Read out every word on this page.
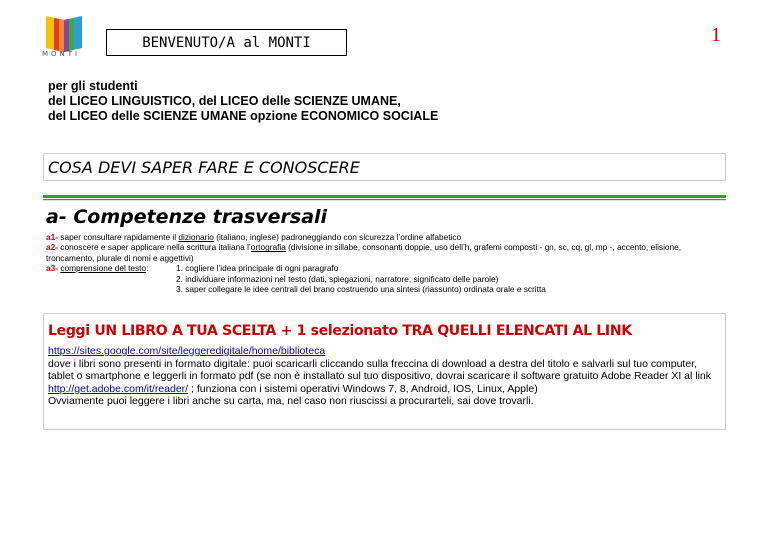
MONTI
BENVENUTO/A al MONTI	1
per gli studenti
del LICEO LINGUISTICO, del LICEO delle SCIENZE UMANE,
del LICEO delle SCIENZE UMANE opzione ECONOMICO SOCIALE
COSA DEVI SAPER FARE E CONOSCERE
a- Competenze trasversali
a1- saper consultare rapidamente il dizionario (italiano, inglese) padroneggiando con sicurezza l’ordine alfabetico
a2- conoscere e saper applicare nella scrittura italiana l’ortografia (divisione in sillabe, consonanti doppie, uso dell’h, grafemi composti - gn, sc, cq, gl, mp -, accento, elisione, troncamento, plurale di nomi e aggettivi)
a3- comprensione del testo:	1. cogliere l’idea principale di ogni paragrafo
2. individuare informazioni nel testo (dati, spiegazioni, narratore, significato delle parole)
3. saper collegare le idee centrali del brano costruendo una sintesi (riassunto) ordinata orale e scritta
Leggi UN LIBRO A TUA SCELTA + 1 selezionato TRA QUELLI ELENCATI AL LINK
https://sites.google.com/site/leggeredigitale/home/biblioteca
dove i libri sono presenti in formato digitale: puoi scaricarli cliccando sulla freccina di download a destra del titolo e salvarli sul tuo computer, tablet o smartphone e leggerli in formato pdf (se non è installato sul tuo dispositivo, dovrai scaricare il software gratuito Adobe Reader XI al link http://get.adobe.com/it/reader/ ; funziona con i sistemi operativi Windows 7, 8, Android, IOS, Linux, Apple)
Ovviamente puoi leggere i libri anche su carta, ma, nel caso non riuscissi a procurarteli, sai dove trovarli.
